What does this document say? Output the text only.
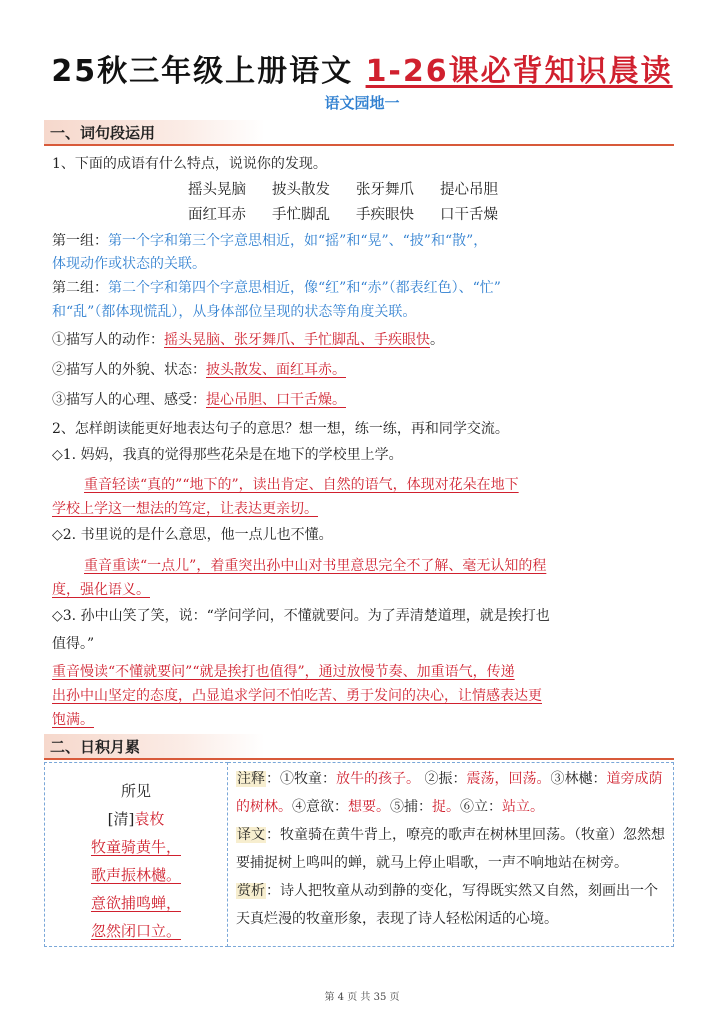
25秋三年级上册语文 1-26课必背知识晨读
语文园地一
一、词句段运用
1、下面的成语有什么特点，说说你的发现。
摇头晃脑 披头散发 张牙舞爪 提心吊胆
面红耳赤 手忙脚乱 手疾眼快 口干舌燥
第一组：第一个字和第三个字意思相近，如“摇”和“晃”、“披”和“散”，
体现动作或状态的关联。
第二组：第二个字和第四个字意思相近，像“红”和“赤”（都表红色）、“忙”
和“乱”（都体现慌乱），从身体部位呈现的状态等角度关联。
①描写人的动作：摇头晃脑、张牙舞爪、手忙脚乱、手疾眼快。
②描写人的外貌、状态：披头散发、面红耳赤。
③描写人的心理、感受：提心吊胆、口干舌燥。
2、怎样朗读能更好地表达句子的意思？想一想，练一练，再和同学交流。
◇1. 妈妈，我真的觉得那些花朵是在地下的学校里上学。
重音轻读“真的”“地下的”，读出肯定、自然的语气，体现对花朵在地下
学校上学这一想法的笃定，让表达更亲切。
◇2. 书里说的是什么意思，他一点儿也不懂。
重音重读“一点儿”，着重突出孙中山对书里意思完全不了解、毫无认知的程
度，强化语义。
◇3. 孙中山笑了笑，说：“学问学问，不懂就要问。为了弄清楚道理，就是挨打也
值得。”
重音慢读“不懂就要问”“就是挨打也值得”，通过放慢节奏、加重语气，传递
出孙中山坚定的态度，凸显追求学问不怕吃苦、勇于发问的决心，让情感表达更
饱满。
二、日积月累
所见
[清]袁枚
牧童骑黄牛，
歌声振林樾。
意欲捕鸣蝉，
忽然闭口立。

注释：①牧童：放牛的孩子。 ②振：震荡，回荡。③林樾：道旁成荫的树林。④意欲：想要。⑤捕：捉。⑥立：站立。
译文：牧童骑在黄牛背上，嘹亮的歌声在树林里回荡。（牧童）忽然想要捕捉树上鸣叫的蝉，就马上停止唱歌，一声不响地站在树旁。
赏析：诗人把牧童从动到静的变化，写得既实然又自然，刻画出一个天真烂漫的牧童形象，表现了诗人轻松闲适的心境。
第 4 页 共 35 页
